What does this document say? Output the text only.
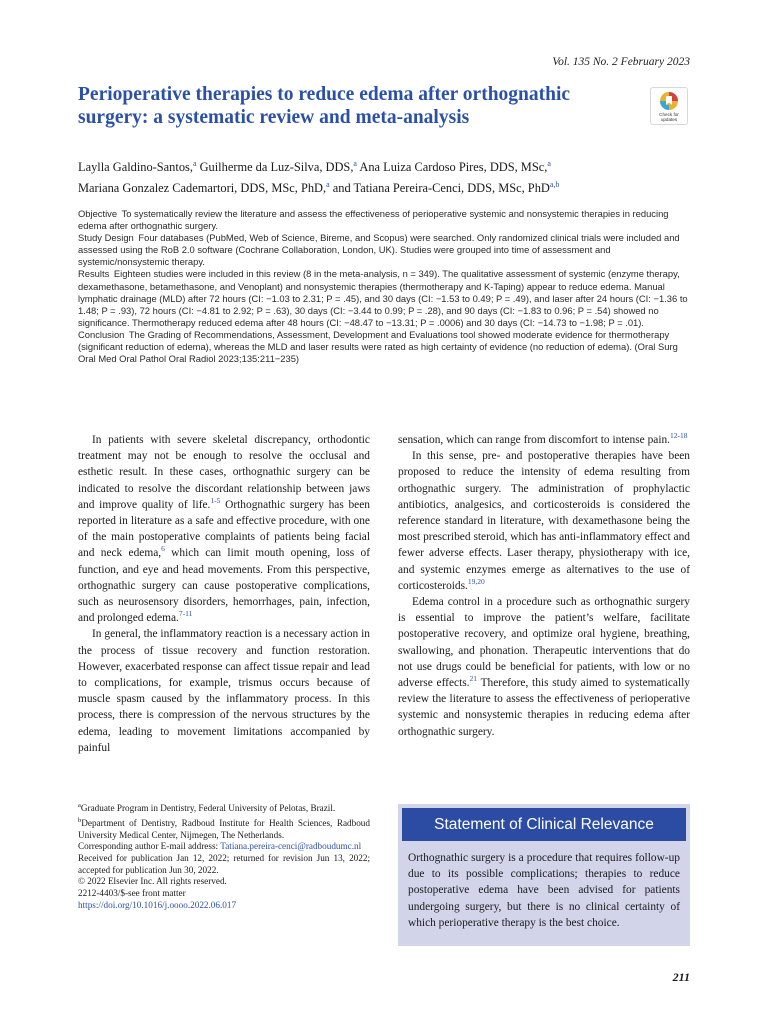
Vol. 135 No. 2 February 2023
Perioperative therapies to reduce edema after orthognathic surgery: a systematic review and meta-analysis	Check for updates
Laylla Galdino-Santos,$^a$ Guilherme da Luz-Silva, DDS,$^a$ Ana Luiza Cardoso Pires, DDS, MSc,$^a$
Mariana Gonzalez Cademartori, DDS, MSc, PhD,$^a$ and Tatiana Pereira-Cenci, DDS, MSc, PhD$^{a,b}$

Objective To systematically review the literature and assess the effectiveness of perioperative systemic and nonsystemic therapies in reducing edema after orthognathic surgery.

Study Design Four databases (PubMed, Web of Science, Bireme, and Scopus) were searched. Only randomized clinical trials were included and assessed using the RoB 2.0 software (Cochrane Collaboration, London, UK). Studies were grouped into time of assessment and systemic/nonsystemic therapy.

Results Eighteen studies were included in this review (8 in the meta-analysis, n = 349). The qualitative assessment of systemic (enzyme therapy, dexamethasone, betamethasone, and Venoplant) and nonsystemic therapies (thermotherapy and K-Taping) appear to reduce edema. Manual lymphatic drainage (MLD) after 72 hours (CI: −1.03 to 2.31; P = .45), and 30 days (CI: −1.53 to 0.49; P = .49), and laser after 24 hours (CI: −1.36 to 1.48; P = .93), 72 hours (CI: −4.81 to 2.92; P = .63), 30 days (CI: −3.44 to 0.99; P = .28), and 90 days (CI: −1.83 to 0.96; P = .54) showed no significance. Thermotherapy reduced edema after 48 hours (CI: −48.47 to −13.31; P = .0006) and 30 days (CI: −14.73 to −1.98; P = .01).

Conclusion The Grading of Recommendations, Assessment, Development and Evaluations tool showed moderate evidence for thermotherapy (significant reduction of edema), whereas the MLD and laser results were rated as high certainty of evidence (no reduction of edema). (Oral Surg Oral Med Oral Pathol Oral Radiol 2023;135:211−235)

In patients with severe skeletal discrepancy, orthodontic treatment may not be enough to resolve the occlusal and esthetic result. In these cases, orthognathic surgery can be indicated to resolve the discordant relationship between jaws and improve quality of life.$^{1-5}$ Orthognathic surgery has been reported in literature as a safe and effective procedure, with one of the main postoperative complaints of patients being facial and neck edema,$^6$ which can limit mouth opening, loss of function, and eye and head movements. From this perspective, orthognathic surgery can cause postoperative complications, such as neurosensory disorders, hemorrhages, pain, infection, and prolonged edema.$^{7-11}$

In general, the inflammatory reaction is a necessary action in the process of tissue recovery and function restoration. However, exacerbated response can affect tissue repair and lead to complications, for example, trismus occurs because of muscle spasm caused by the inflammatory process. In this process, there is compression of the nervous structures by the edema, leading to movement limitations accompanied by painful

sensation, which can range from discomfort to intense pain.$^{12-18}$

In this sense, pre- and postoperative therapies have been proposed to reduce the intensity of edema resulting from orthognathic surgery. The administration of prophylactic antibiotics, analgesics, and corticosteroids is considered the reference standard in literature, with dexamethasone being the most prescribed steroid, which has anti-inflammatory effect and fewer adverse effects. Laser therapy, physiotherapy with ice, and systemic enzymes emerge as alternatives to the use of corticosteroids.$^{19,20}$

Edema control in a procedure such as orthognathic surgery is essential to improve the patient’s welfare, facilitate postoperative recovery, and optimize oral hygiene, breathing, swallowing, and phonation. Therapeutic interventions that do not use drugs could be beneficial for patients, with low or no adverse effects.$^{21}$ Therefore, this study aimed to systematically review the literature to assess the effectiveness of perioperative systemic and nonsystemic therapies in reducing edema after orthognathic surgery.

$^a$Graduate Program in Dentistry, Federal University of Pelotas, Brazil.
$^b$Department of Dentistry, Radboud Institute for Health Sciences, Radboud University Medical Center, Nijmegen, The Netherlands.
Corresponding author E-mail address: Tatiana.pereira-cenci@radboudumc.nl
Received for publication Jan 12, 2022; returned for revision Jun 13, 2022; accepted for publication Jun 30, 2022.
© 2022 Elsevier Inc. All rights reserved.
2212-4403/$-see front matter
https://doi.org/10.1016/j.oooo.2022.06.017
Statement of Clinical Relevance
Orthognathic surgery is a procedure that requires follow-up due to its possible complications; therapies to reduce postoperative edema have been advised for patients undergoing surgery, but there is no clinical certainty of which perioperative therapy is the best choice.
211
